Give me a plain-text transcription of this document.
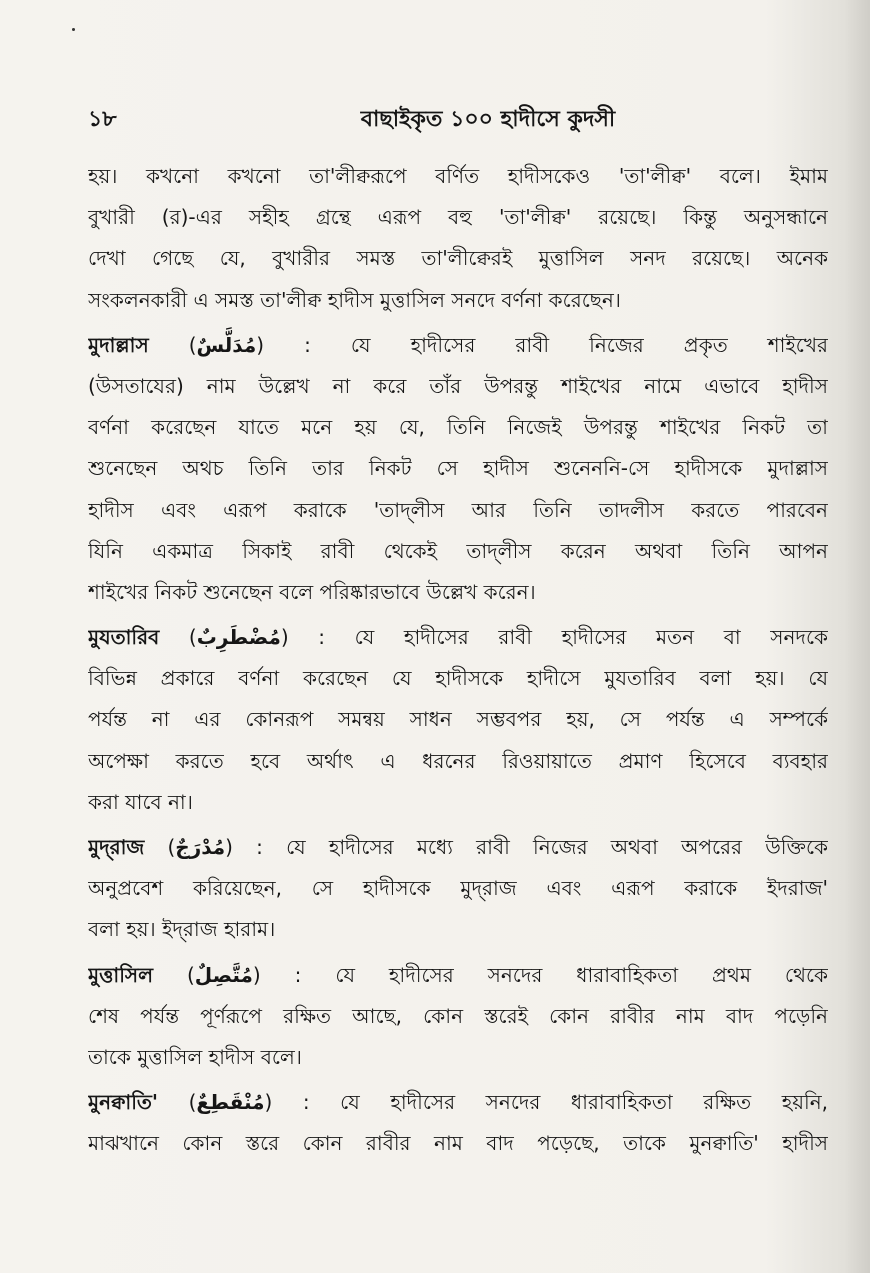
১৮	বাছাইকৃত ১০০ হাদীসে কুদসী
হয়। কখনো কখনো তা'লীক্বরূপে বর্ণিত হাদীসকেও 'তা'লীক্ব' বলে। ইমাম
বুখারী (র)-এর সহীহ গ্রন্থে এরূপ বহু 'তা'লীক্ব' রয়েছে। কিন্তু অনুসন্ধানে
দেখা গেছে যে, বুখারীর সমস্ত তা'লীক্বেরই মুত্তাসিল সনদ রয়েছে। অনেক
সংকলনকারী এ সমস্ত তা'লীক্ব হাদীস মুত্তাসিল সনদে বর্ণনা করেছেন।
মুদাল্লাস (مُدَلَّسٌ) : যে হাদীসের রাবী নিজের প্রকৃত শাইখের
(উসতাযের) নাম উল্লেখ না করে তাঁর উপরন্তু শাইখের নামে এভাবে হাদীস
বর্ণনা করেছেন যাতে মনে হয় যে, তিনি নিজেই উপরন্তু শাইখের নিকট তা
শুনেছেন অথচ তিনি তার নিকট সে হাদীস শুনেননি-সে হাদীসকে মুদাল্লাস
হাদীস এবং এরূপ করাকে 'তাদ্‌লীস আর তিনি তাদলীস করতে পারবেন
যিনি একমাত্র সিকাই রাবী থেকেই তাদ্‌লীস করেন অথবা তিনি আপন
শাইখের নিকট শুনেছেন বলে পরিষ্কারভাবে উল্লেখ করেন।
মুযতারিব (مُضْطَرِبٌ) : যে হাদীসের রাবী হাদীসের মতন বা সনদকে
বিভিন্ন প্রকারে বর্ণনা করেছেন যে হাদীসকে হাদীসে মুযতারিব বলা হয়। যে
পর্যন্ত না এর কোনরূপ সমন্বয় সাধন সম্ভবপর হয়, সে পর্যন্ত এ সম্পর্কে
অপেক্ষা করতে হবে অর্থাৎ এ ধরনের রিওয়ায়াতে প্রমাণ হিসেবে ব্যবহার
করা যাবে না।
মুদ্‌রাজ (مُدْرَجٌ) : যে হাদীসের মধ্যে রাবী নিজের অথবা অপরের উক্তিকে
অনুপ্রবেশ করিয়েছেন, সে হাদীসকে মুদ্‌রাজ এবং এরূপ করাকে ইদরাজ'
বলা হয়। ইদ্‌রাজ হারাম।
মুত্তাসিল (مُتَّصِلٌ) : যে হাদীসের সনদের ধারাবাহিকতা প্রথম থেকে
শেষ পর্যন্ত পূর্ণরূপে রক্ষিত আছে, কোন স্তরেই কোন রাবীর নাম বাদ পড়েনি
তাকে মুত্তাসিল হাদীস বলে।
মুনক্বাতি' (مُنْقَطِعٌ) : যে হাদীসের সনদের ধারাবাহিকতা রক্ষিত হয়নি,
মাঝখানে কোন স্তরে কোন রাবীর নাম বাদ পড়েছে, তাকে মুনক্বাতি' হাদীস
